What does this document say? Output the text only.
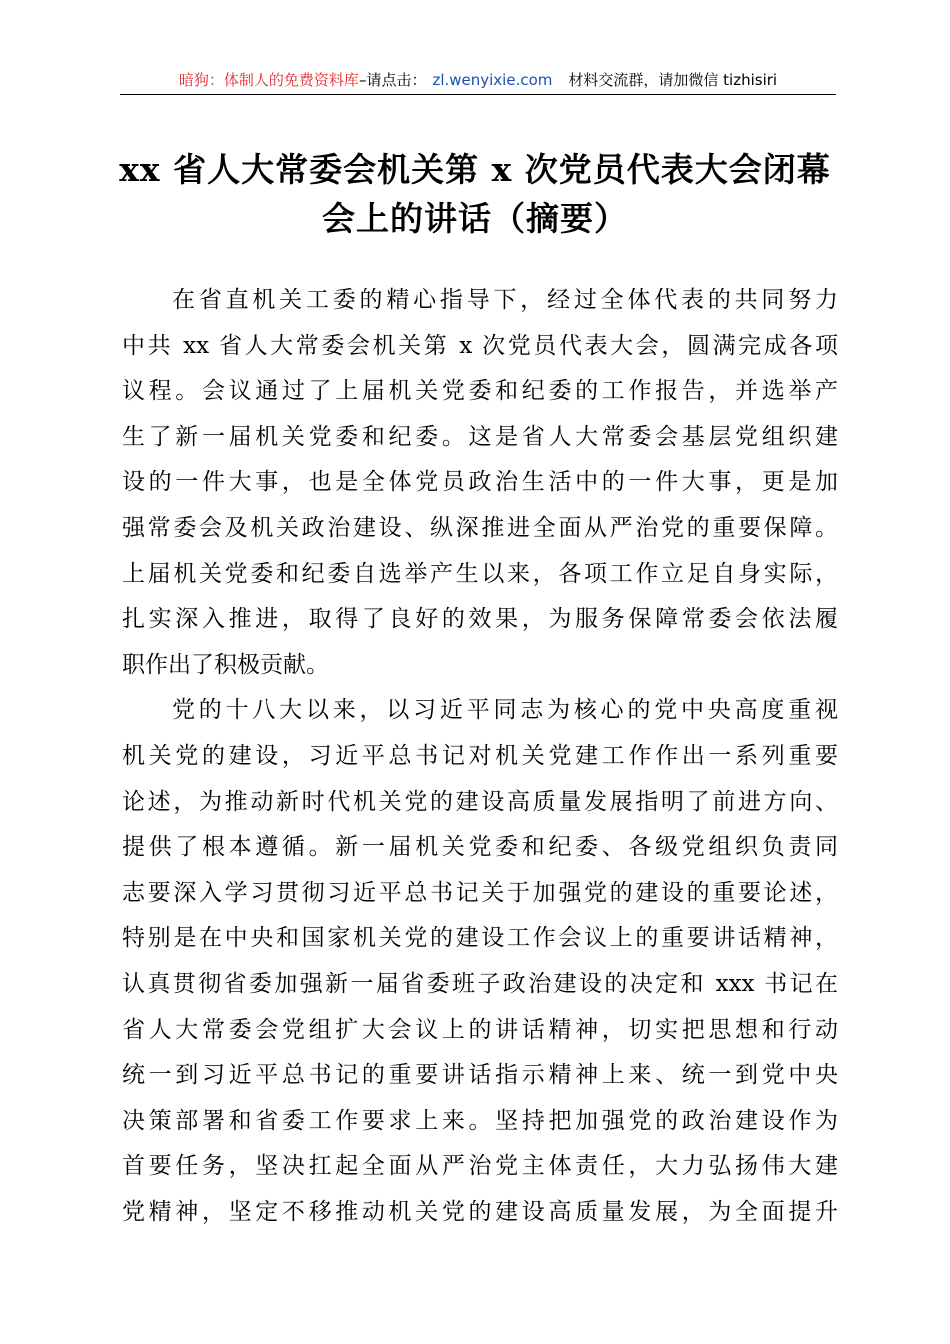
暗狗：体制人的免费资料库–请点击： zl.wenyixie.com 材料交流群，请加微信 tizhisiri
xx 省人大常委会机关第 x 次党员代表大会闭幕
会上的讲话（摘要）
在省直机关工委的精心指导下，经过全体代表的共同努力
中共 xx 省人大常委会机关第 x 次党员代表大会，圆满完成各项
议程。会议通过了上届机关党委和纪委的工作报告，并选举产
生了新一届机关党委和纪委。这是省人大常委会基层党组织建
设的一件大事，也是全体党员政治生活中的一件大事，更是加
强常委会及机关政治建设、纵深推进全面从严治党的重要保障。
上届机关党委和纪委自选举产生以来，各项工作立足自身实际，
扎实深入推进，取得了良好的效果，为服务保障常委会依法履
职作出了积极贡献。
党的十八大以来，以习近平同志为核心的党中央高度重视
机关党的建设，习近平总书记对机关党建工作作出一系列重要
论述，为推动新时代机关党的建设高质量发展指明了前进方向、
提供了根本遵循。新一届机关党委和纪委、各级党组织负责同
志要深入学习贯彻习近平总书记关于加强党的建设的重要论述，
特别是在中央和国家机关党的建设工作会议上的重要讲话精神，
认真贯彻省委加强新一届省委班子政治建设的决定和 xxx 书记在
省人大常委会党组扩大会议上的讲话精神，切实把思想和行动
统一到习近平总书记的重要讲话指示精神上来、统一到党中央
决策部署和省委工作要求上来。坚持把加强党的政治建设作为
首要任务，坚决扛起全面从严治党主体责任，大力弘扬伟大建
党精神，坚定不移推动机关党的建设高质量发展，为全面提升
